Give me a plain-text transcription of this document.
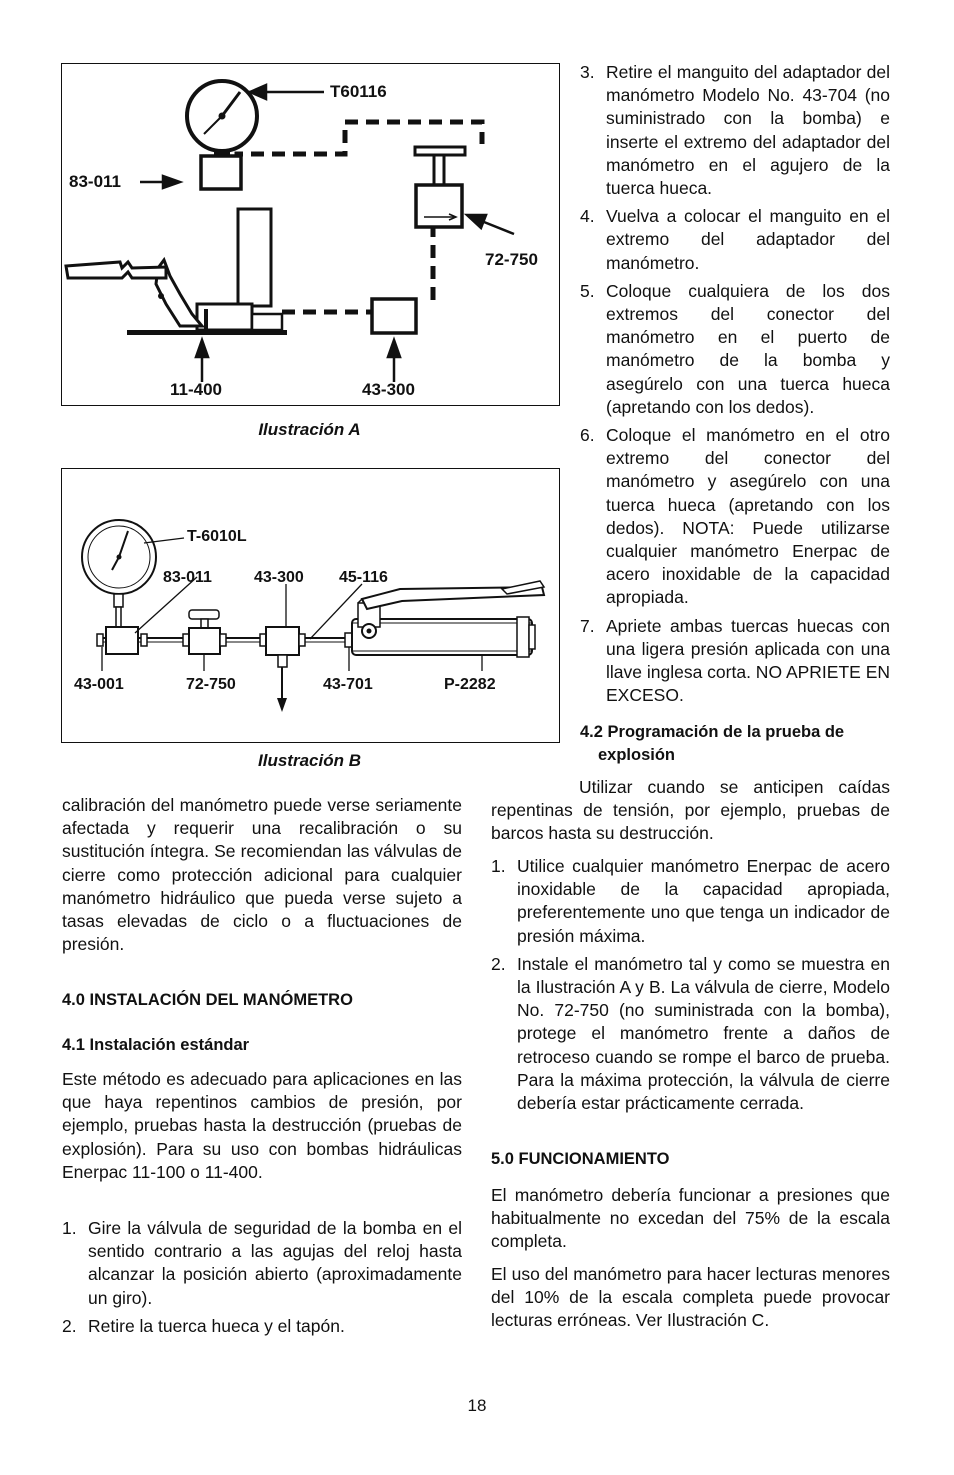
T60116
83-011
72-750
11-400	43-300
Ilustración A
T-6010L
83-011	43-300 45-116
43-001	72-750	43-701	P-2282
Ilustración B
calibración del manómetro puede verse seriamente afectada y requerir una recalibración o su sustitución íntegra. Se recomiendan las válvulas de cierre como protección adicional para cualquier manómetro hidráulico que pueda verse sujeto a tasas elevadas de ciclo o a fluctuaciones de presión.
4.0 INSTALACIÓN DEL MANÓMETRO
4.1 Instalación estándar
Este método es adecuado para aplicaciones en las que haya repentinos cambios de presión, por ejemplo, pruebas hasta la destrucción (pruebas de explosión). Para su uso con bombas hidráulicas Enerpac 11-100 o 11-400.
1. Gire la válvula de seguridad de la bomba en el sentido contrario a las agujas del reloj hasta alcanzar la posición abierto (aproximadamente un giro).
2. Retire la tuerca hueca y el tapón.
3. Retire el manguito del adaptador del manómetro Modelo No. 43-704 (no suministrado con la bomba) e inserte el extremo del adaptador del manómetro en el agujero de la tuerca hueca.
4. Vuelva a colocar el manguito en el extremo del adaptador del manómetro.
5. Coloque cualquiera de los dos extremos del conector del manómetro en el puerto de manómetro de la bomba y asegúrelo con una tuerca hueca (apretando con los dedos).
6. Coloque el manómetro en el otro extremo del conector del manómetro y asegúrelo con una tuerca hueca (apretando con los dedos). NOTA: Puede utilizarse cualquier manómetro Enerpac de acero inoxidable de la capacidad apropiada.
7. Apriete ambas tuercas huecas con una ligera presión aplicada con una llave inglesa corta. NO APRIETE EN EXCESO.
4.2 Programación de la prueba de
explosión
Utilizar cuando se anticipen caídas repentinas de tensión, por ejemplo, pruebas de barcos hasta su destrucción.
1. Utilice cualquier manómetro Enerpac de acero inoxidable de la capacidad apropiada, preferentemente uno que tenga un indicador de presión máxima.
2. Instale el manómetro tal y como se muestra en la Ilustración A y B. La válvula de cierre, Modelo No. 72-750 (no suministrada con la bomba), protege el manómetro frente a daños de retroceso cuando se rompe el barco de prueba. Para la máxima protección, la válvula de cierre debería estar prácticamente cerrada.
5.0 FUNCIONAMIENTO
El manómetro debería funcionar a presiones que habitualmente no excedan del 75% de la escala completa.
El uso del manómetro para hacer lecturas menores del 10% de la escala completa puede provocar lecturas erróneas. Ver Ilustración C.
18
